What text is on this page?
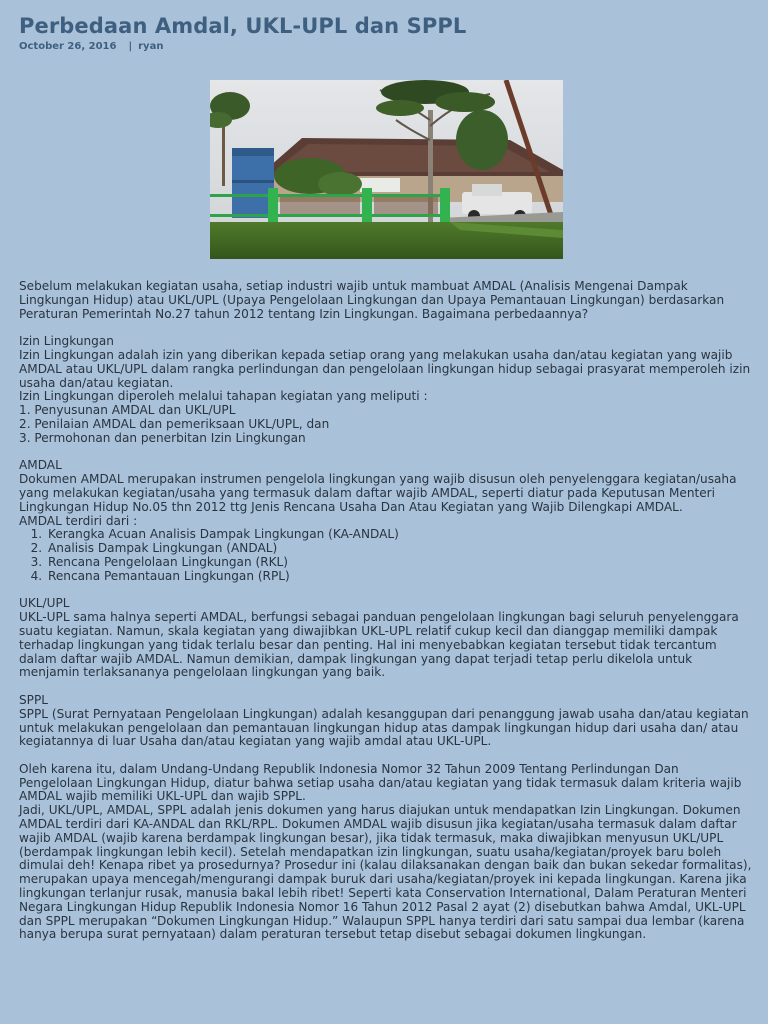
Perbedaan Amdal, UKL-UPL dan SPPL
October 26, 2016 | ryan

Sebelum melakukan kegiatan usaha, setiap industri wajib untuk mambuat AMDAL (Analisis Mengenai Dampak Lingkungan Hidup) atau UKL/UPL (Upaya Pengelolaan Lingkungan dan Upaya Pemantauan Lingkungan) berdasarkan Peraturan Pemerintah No.27 tahun 2012 tentang Izin Lingkungan. Bagaimana perbedaannya?

Izin Lingkungan

Izin Lingkungan adalah izin yang diberikan kepada setiap orang yang melakukan usaha dan/atau kegiatan yang wajib AMDAL atau UKL/UPL dalam rangka perlindungan dan pengelolaan lingkungan hidup sebagai prasyarat memperoleh izin usaha dan/atau kegiatan.

Izin Lingkungan diperoleh melalui tahapan kegiatan yang meliputi :

1. Penyusunan AMDAL dan UKL/UPL
2. Penilaian AMDAL dan pemeriksaan UKL/UPL, dan
3. Permohonan dan penerbitan Izin Lingkungan

AMDAL

Dokumen AMDAL merupakan instrumen pengelola lingkungan yang wajib disusun oleh penyelenggara kegiatan/usaha yang melakukan kegiatan/usaha yang termasuk dalam daftar wajib AMDAL, seperti diatur pada Keputusan Menteri Lingkungan Hidup No.05 thn 2012 ttg Jenis Rencana Usaha Dan Atau Kegiatan yang Wajib Dilengkapi AMDAL.

AMDAL terdiri dari :

1. Kerangka Acuan Analisis Dampak Lingkungan (KA-ANDAL)
2. Analisis Dampak Lingkungan (ANDAL)
3. Rencana Pengelolaan Lingkungan (RKL)
4. Rencana Pemantauan Lingkungan (RPL)

UKL/UPL

UKL-UPL sama halnya seperti AMDAL, berfungsi sebagai panduan pengelolaan lingkungan bagi seluruh penyelenggara suatu kegiatan. Namun, skala kegiatan yang diwajibkan UKL-UPL relatif cukup kecil dan dianggap memiliki dampak terhadap lingkungan yang tidak terlalu besar dan penting. Hal ini menyebabkan kegiatan tersebut tidak tercantum dalam daftar wajib AMDAL. Namun demikian, dampak lingkungan yang dapat terjadi tetap perlu dikelola untuk menjamin terlaksananya pengelolaan lingkungan yang baik.

SPPL

SPPL (Surat Pernyataan Pengelolaan Lingkungan) adalah kesanggupan dari penanggung jawab usaha dan/atau kegiatan untuk melakukan pengelolaan dan pemantauan lingkungan hidup atas dampak lingkungan hidup dari usaha dan/ atau kegiatannya di luar Usaha dan/atau kegiatan yang wajib amdal atau UKL-UPL.

Oleh karena itu, dalam Undang-Undang Republik Indonesia Nomor 32 Tahun 2009 Tentang Perlindungan Dan Pengelolaan Lingkungan Hidup, diatur bahwa setiap usaha dan/atau kegiatan yang tidak termasuk dalam kriteria wajib AMDAL wajib memiliki UKL-UPL dan wajib SPPL.

Jadi, UKL/UPL, AMDAL, SPPL adalah jenis dokumen yang harus diajukan untuk mendapatkan Izin Lingkungan. Dokumen AMDAL terdiri dari KA-ANDAL dan RKL/RPL. Dokumen AMDAL wajib disusun jika kegiatan/usaha termasuk dalam daftar wajib AMDAL (wajib karena berdampak lingkungan besar), jika tidak termasuk, maka diwajibkan menyusun UKL/UPL (berdampak lingkungan lebih kecil). Setelah mendapatkan izin lingkungan, suatu usaha/kegiatan/proyek baru boleh dimulai deh! Kenapa ribet ya prosedurnya? Prosedur ini (kalau dilaksanakan dengan baik dan bukan sekedar formalitas), merupakan upaya mencegah/mengurangi dampak buruk dari usaha/kegiatan/proyek ini kepada lingkungan. Karena jika lingkungan terlanjur rusak, manusia bakal lebih ribet! Seperti kata Conservation International, Dalam Peraturan Menteri Negara Lingkungan Hidup Republik Indonesia Nomor 16 Tahun 2012 Pasal 2 ayat (2) disebutkan bahwa Amdal, UKL-UPL dan SPPL merupakan “Dokumen Lingkungan Hidup.” Walaupun SPPL hanya terdiri dari satu sampai dua lembar (karena hanya berupa surat pernyataan) dalam peraturan tersebut tetap disebut sebagai dokumen lingkungan.
